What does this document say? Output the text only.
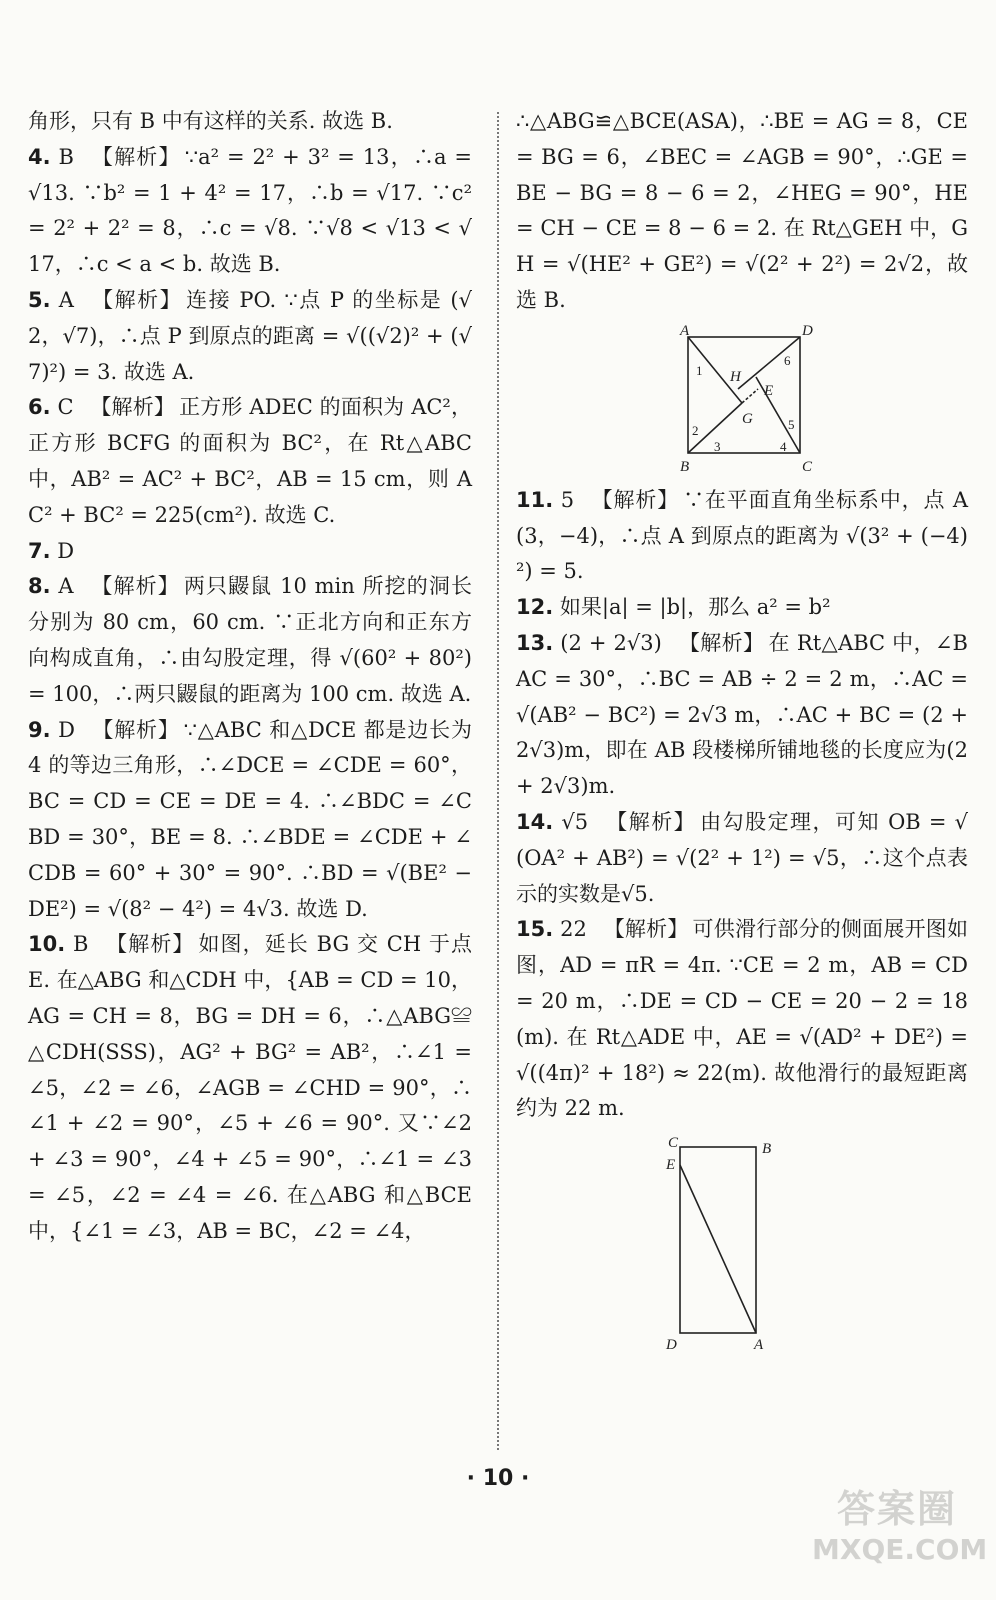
角形，只有 B 中有这样的关系. 故选 B.

4. B 【解析】 ∵a² = 2² + 3² = 13，∴a = √13. ∵b² = 1 + 4² = 17，∴b = √17. ∵c² = 2² + 2² = 8，∴c = √8. ∵√8 < √13 < √17，∴c < a < b. 故选 B.

5. A 【解析】 连接 PO. ∵点 P 的坐标是 (√2，√7)，∴点 P 到原点的距离 = √((√2)² + (√7)²) = 3. 故选 A.

6. C 【解析】 正方形 ADEC 的面积为 AC²，正方形 BCFG 的面积为 BC²，在 Rt△ABC 中，AB² = AC² + BC²，AB = 15 cm，则 AC² + BC² = 225(cm²). 故选 C.

7. D

8. A 【解析】 两只鼹鼠 10 min 所挖的洞长分别为 80 cm，60 cm. ∵正北方向和正东方向构成直角，∴由勾股定理，得 √(60² + 80²) = 100，∴两只鼹鼠的距离为 100 cm. 故选 A.

9. D 【解析】 ∵△ABC 和△DCE 都是边长为 4 的等边三角形，∴∠DCE = ∠CDE = 60°，BC = CD = CE = DE = 4. ∴∠BDC = ∠CBD = 30°，BE = 8. ∴∠BDE = ∠CDE + ∠CDB = 60° + 30° = 90°. ∴BD = √(BE² − DE²) = √(8² − 4²) = 4√3. 故选 D.

10. B 【解析】 如图，延长 BG 交 CH 于点 E. 在△ABG 和△CDH 中，{AB = CD = 10，AG = CH = 8，BG = DH = 6，∴△ABG≌△CDH(SSS)，AG² + BG² = AB²，∴∠1 = ∠5，∠2 = ∠6，∠AGB = ∠CHD = 90°，∴∠1 + ∠2 = 90°，∠5 + ∠6 = 90°. 又∵∠2 + ∠3 = 90°，∠4 + ∠5 = 90°，∴∠1 = ∠3 = ∠5，∠2 = ∠4 = ∠6. 在△ABG 和△BCE 中，{∠1 = ∠3，AB = BC，∠2 = ∠4，

∴△ABG≌△BCE(ASA)，∴BE = AG = 8，CE = BG = 6，∠BEC = ∠AGB = 90°，∴GE = BE − BG = 8 − 6 = 2，∠HEG = 90°，HE = CH − CE = 8 − 6 = 2. 在 Rt△GEH 中，GH = √(HE² + GE²) = √(2² + 2²) = 2√2，故选 B.

A	D
B	C
H
E
G
1
2
3	4
5
6

11. 5 【解析】 ∵在平面直角坐标系中，点 A(3，−4)，∴点 A 到原点的距离为 √(3² + (−4)²) = 5.

12. 如果|a| = |b|，那么 a² = b²

13. (2 + 2√3) 【解析】 在 Rt△ABC 中，∠BAC = 30°，∴BC = AB ÷ 2 = 2 m，∴AC = √(AB² − BC²) = 2√3 m，∴AC + BC = (2 + 2√3)m，即在 AB 段楼梯所铺地毯的长度应为(2 + 2√3)m.

14. √5 【解析】 由勾股定理，可知 OB = √(OA² + AB²) = √(2² + 1²) = √5，∴这个点表示的实数是√5.

15. 22 【解析】 可供滑行部分的侧面展开图如图，AD = πR = 4π. ∵CE = 2 m，AB = CD = 20 m，∴DE = CD − CE = 20 − 2 = 18(m). 在 Rt△ADE 中，AE = √(AD² + DE²) = √((4π)² + 18²) ≈ 22(m). 故他滑行的最短距离约为 22 m.

C	B
E
D	A
· 10 ·
答案圈
MXQE.COM
